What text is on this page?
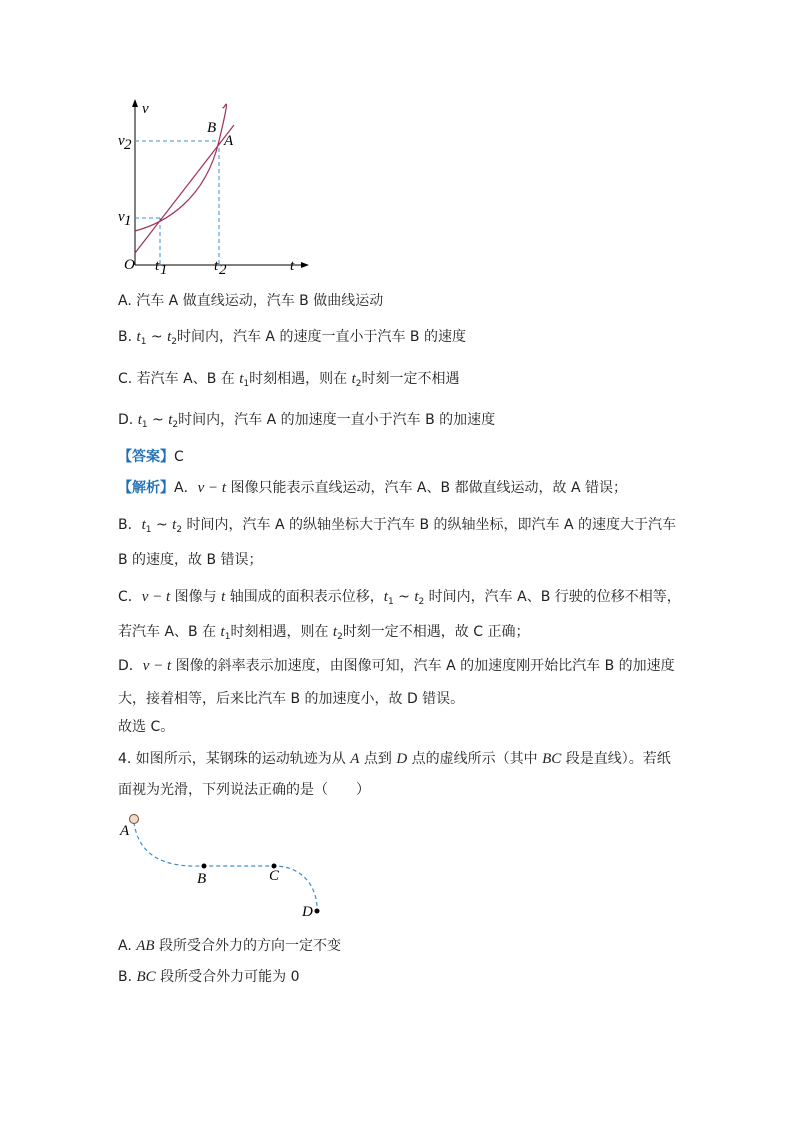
v
t
O
v 2
v 1
t 1	t 2
B
A
A. 汽车 A 做直线运动，汽车 B 做曲线运动
B. $t_1$ ~ $t_2$时间内，汽车 A 的速度一直小于汽车 B 的速度
C. 若汽车 A、B 在 $t_1$时刻相遇，则在 $t_2$时刻一定不相遇
D. $t_1$ ~ $t_2$时间内，汽车 A 的加速度一直小于汽车 B 的加速度
【答案】C
【解析】A．v − t 图像只能表示直线运动，汽车 A、B 都做直线运动，故 A 错误；
B．$t_1$ ~ $t_2$ 时间内，汽车 A 的纵轴坐标大于汽车 B 的纵轴坐标，即汽车 A 的速度大于汽车
B 的速度，故 B 错误；
C．v − t 图像与 t 轴围成的面积表示位移，$t_1$ ~ $t_2$ 时间内，汽车 A、B 行驶的位移不相等，
若汽车 A、B 在 $t_1$时刻相遇，则在 $t_2$时刻一定不相遇，故 C 正确；
D．v − t 图像的斜率表示加速度，由图像可知，汽车 A 的加速度刚开始比汽车 B 的加速度
大，接着相等，后来比汽车 B 的加速度小，故 D 错误。
故选 C。
4. 如图所示，某钢珠的运动轨迹为从 A 点到 D 点的虚线所示（其中 BC 段是直线）。若纸
面视为光滑，下列说法正确的是（　　）
A
B	C
D
A. AB 段所受合外力的方向一定不变
B. BC 段所受合外力可能为 0
